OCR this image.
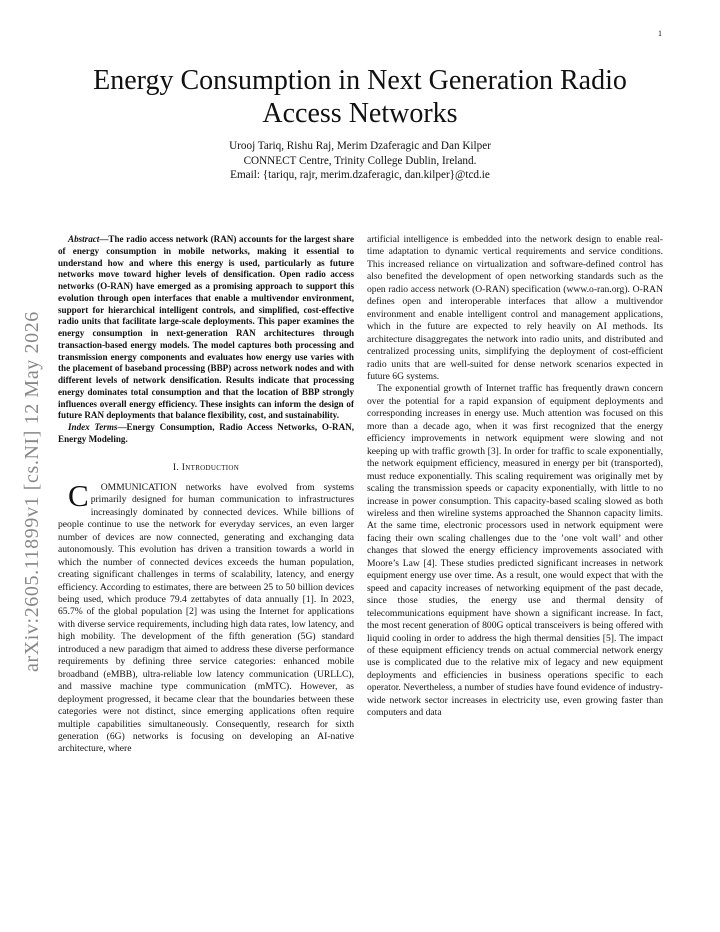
1
arXiv:2605.11899v1 [cs.NI] 12 May 2026
Energy Consumption in Next Generation Radio Access Networks
Urooj Tariq, Rishu Raj, Merim Dzaferagic and Dan Kilper
CONNECT Centre, Trinity College Dublin, Ireland.
Email: {tariqu, rajr, merim.dzaferagic, dan.kilper}@tcd.ie

Abstract—The radio access network (RAN) accounts for the largest share of energy consumption in mobile networks, making it essential to understand how and where this energy is used, particularly as future networks move toward higher levels of densification. Open radio access networks (O-RAN) have emerged as a promising approach to support this evolution through open interfaces that enable a multivendor environment, support for hierarchical intelligent controls, and simplified, cost-effective radio units that facilitate large-scale deployments. This paper examines the energy consumption in next-generation RAN architectures through transaction-based energy models. The model captures both processing and transmission energy components and evaluates how energy use varies with the placement of baseband processing (BBP) across network nodes and with different levels of network densification. Results indicate that processing energy dominates total consumption and that the location of BBP strongly influences overall energy efficiency. These insights can inform the design of future RAN deployments that balance flexibility, cost, and sustainability.

Index Terms—Energy Consumption, Radio Access Networks, O-RAN, Energy Modeling.

I. Introduction

C OMMUNICATION networks have evolved from systems primarily designed for human communication to infrastructures increasingly dominated by connected devices. While billions of people continue to use the network for everyday services, an even larger number of devices are now connected, generating and exchanging data autonomously. This evolution has driven a transition towards a world in which the number of connected devices exceeds the human population, creating significant challenges in terms of scalability, latency, and energy efficiency. According to estimates, there are between 25 to 50 billion devices being used, which produce 79.4 zettabytes of data annually [1]. In 2023, 65.7% of the global population [2] was using the Internet for applications with diverse service requirements, including high data rates, low latency, and high mobility. The development of the fifth generation (5G) standard introduced a new paradigm that aimed to address these diverse performance requirements by defining three service categories: enhanced mobile broadband (eMBB), ultra-reliable low latency communication (URLLC), and massive machine type communication (mMTC). However, as deployment progressed, it became clear that the boundaries between these categories were not distinct, since emerging applications often require multiple capabilities simultaneously. Consequently, research for sixth generation (6G) networks is focusing on developing an AI-native architecture, where

artificial intelligence is embedded into the network design to enable real-time adaptation to dynamic vertical requirements and service conditions. This increased reliance on virtualization and software-defined control has also benefited the development of open networking standards such as the open radio access network (O-RAN) specification (www.o-ran.org). O-RAN defines open and interoperable interfaces that allow a multivendor environment and enable intelligent control and management applications, which in the future are expected to rely heavily on AI methods. Its architecture disaggregates the network into radio units, and distributed and centralized processing units, simplifying the deployment of cost-efficient radio units that are well-suited for dense network scenarios expected in future 6G systems.

The exponential growth of Internet traffic has frequently drawn concern over the potential for a rapid expansion of equipment deployments and corresponding increases in energy use. Much attention was focused on this more than a decade ago, when it was first recognized that the energy efficiency improvements in network equipment were slowing and not keeping up with traffic growth [3]. In order for traffic to scale exponentially, the network equipment efficiency, measured in energy per bit (transported), must reduce exponentially. This scaling requirement was originally met by scaling the transmission speeds or capacity exponentially, with little to no increase in power consumption. This capacity-based scaling slowed as both wireless and then wireline systems approached the Shannon capacity limits. At the same time, electronic processors used in network equipment were facing their own scaling challenges due to the ’one volt wall’ and other changes that slowed the energy efficiency improvements associated with Moore’s Law [4]. These studies predicted significant increases in network equipment energy use over time. As a result, one would expect that with the speed and capacity increases of networking equipment of the past decade, since those studies, the energy use and thermal density of telecommunications equipment have shown a significant increase. In fact, the most recent generation of 800G optical transceivers is being offered with liquid cooling in order to address the high thermal densities [5]. The impact of these equipment efficiency trends on actual commercial network energy use is complicated due to the relative mix of legacy and new equipment deployments and efficiencies in business operations specific to each operator. Nevertheless, a number of studies have found evidence of industry-wide network sector increases in electricity use, even growing faster than computers and data
